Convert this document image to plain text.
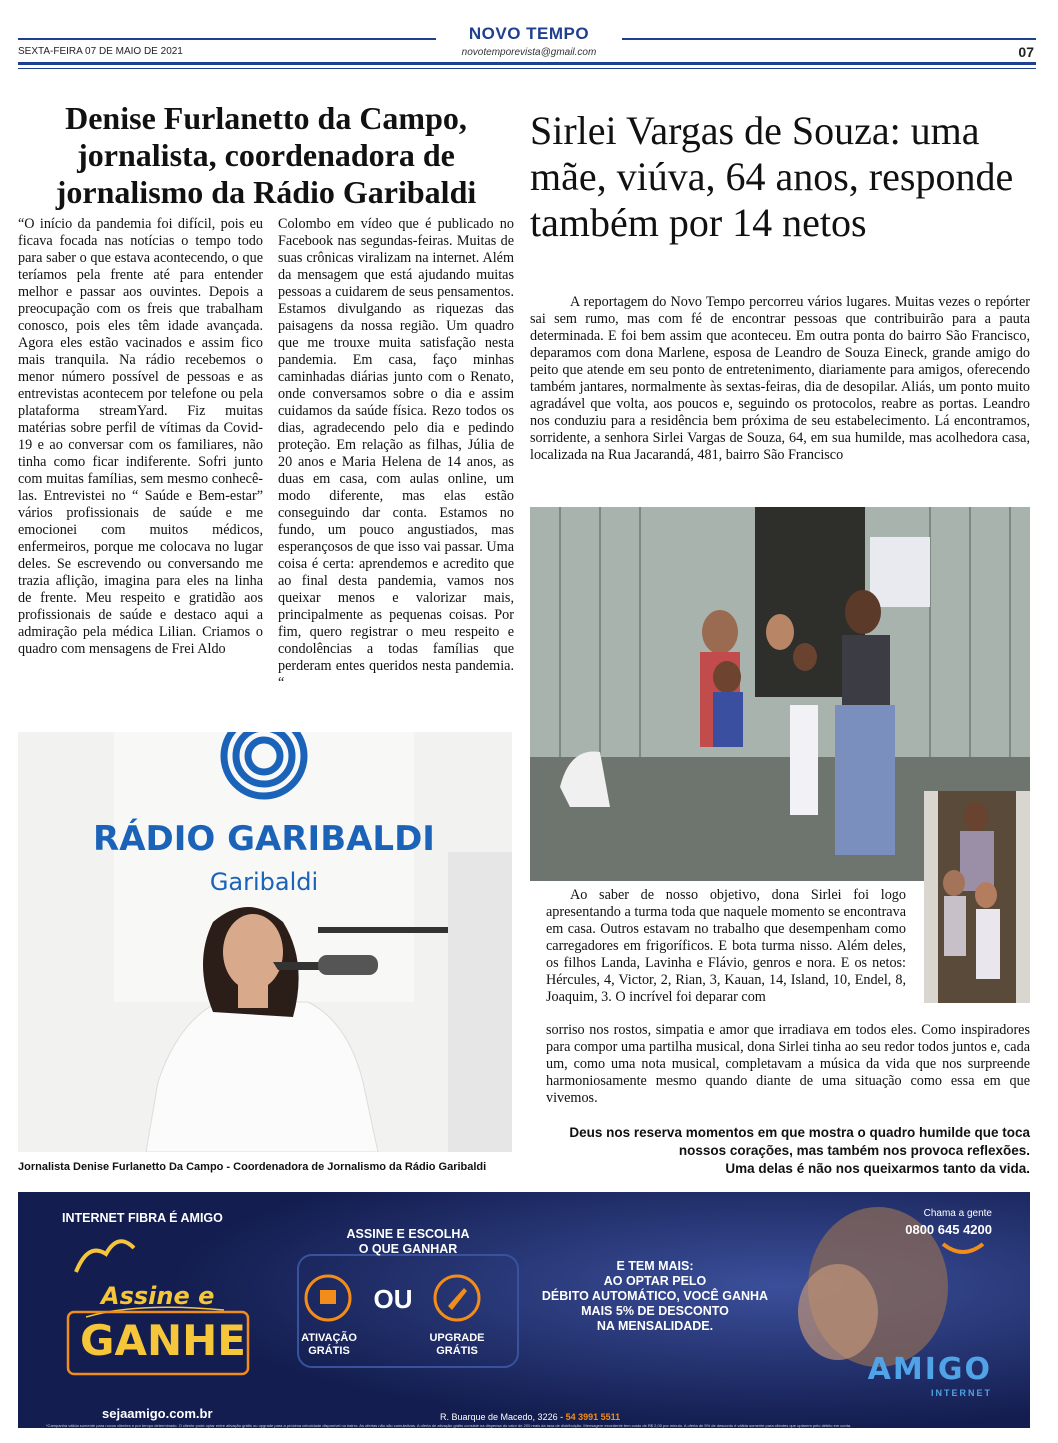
NOVO TEMPO
SEXTA-FEIRA 07 DE MAIO DE 2021	novotemporevista@gmail.com	07
Denise Furlanetto da Campo, jornalista, coordenadora de jornalismo da Rádio Garibaldi
“O início da pandemia foi difícil, pois eu ficava focada nas notícias o tempo todo para saber o que estava acontecendo, o que teríamos pela frente até para entender melhor e passar aos ouvintes. Depois a preocupação com os freis que trabalham conosco, pois eles têm idade avançada. Agora eles estão vacinados e assim fico mais tranquila. Na rádio recebemos o menor número possível de pessoas e as entrevistas acontecem por telefone ou pela plataforma streamYard. Fiz muitas matérias sobre perfil de vítimas da Covid-19 e ao conversar com os familiares, não tinha como ficar indiferente. Sofri junto com muitas famílias, sem mesmo conhecê-las. Entrevistei no “ Saúde e Bem-estar” vários profissionais de saúde e me emocionei com muitos médicos, enfermeiros, porque me colocava no lugar deles. Se escrevendo ou conversando me trazia aflição, imagina para eles na linha de frente. Meu respeito e gratidão aos profissionais de saúde e destaco aqui a admiração pela médica Lilian. Criamos o quadro com mensagens de Frei Aldo
Colombo em vídeo que é publicado no Facebook nas segundas-feiras. Muitas de suas crônicas viralizam na internet. Além da mensagem que está ajudando muitas pessoas a cuidarem de seus pensamentos. Estamos divulgando as riquezas das paisagens da nossa região. Um quadro que me trouxe muita satisfação nesta pandemia. Em casa, faço minhas caminhadas diárias junto com o Renato, onde conversamos sobre o dia e assim cuidamos da saúde física. Rezo todos os dias, agradecendo pelo dia e pedindo proteção. Em relação as filhas, Júlia de 20 anos e Maria Helena de 14 anos, as duas em casa, com aulas online, um modo diferente, mas elas estão conseguindo dar conta. Estamos no fundo, um pouco angustiados, mas esperançosos de que isso vai passar. Uma coisa é certa: aprendemos e acredito que ao final desta pandemia, vamos nos queixar menos e valorizar mais, principalmente as pequenas coisas. Por fim, quero registrar o meu respeito e condolências a todas famílias que perderam entes queridos nesta pandemia. “
RÁDIO GARIBALDI
Garibaldi
Jornalista Denise Furlanetto Da Campo - Coordenadora de Jornalismo da Rádio Garibaldi
Sirlei Vargas de Souza: uma mãe, viúva, 64 anos, responde também por 14 netos
A reportagem do Novo Tempo percorreu vários lugares. Muitas vezes o repórter sai sem rumo, mas com fé de encontrar pessoas que contribuirão para a pauta determinada. E foi bem assim que aconteceu. Em outra ponta do bairro São Francisco, deparamos com dona Marlene, esposa de Leandro de Souza Eineck, grande amigo do peito que atende em seu ponto de entretenimento, diariamente para amigos, oferecendo também jantares, normalmente às sextas-feiras, dia de desopilar. Aliás, um ponto muito agradável que volta, aos poucos e, seguindo os protocolos, reabre as portas. Leandro nos conduziu para a residência bem próxima de seu estabelecimento. Lá encontramos, sorridente, a senhora Sirlei Vargas de Souza, 64, em sua humilde, mas acolhedora casa, localizada na Rua Jacarandá, 481, bairro São Francisco
Ao saber de nosso objetivo, dona Sirlei foi logo apresentando a turma toda que naquele momento se encontrava em casa. Outros estavam no trabalho que desempenham como carregadores em frigoríficos. E bota turma nisso. Além deles, os filhos Landa, Lavinha e Flávio, genros e nora. E os netos: Hércules, 4, Victor, 2, Rian, 3, Kauan, 14, Island, 10, Endel, 8, Joaquim, 3. O incrível foi deparar com
sorriso nos rostos, simpatia e amor que irradiava em todos eles. Como inspiradores para compor uma partilha musical, dona Sirlei tinha ao seu redor todos juntos e, cada um, como uma nota musical, completavam a música da vida que nos surpreende harmoniosamente mesmo quando diante de uma situação como essa em que vivemos.
Deus nos reserva momentos em que mostra o quadro humilde que toca
nossos corações, mas também nos provoca reflexões.
Uma delas é não nos queixarmos tanto da vida.
INTERNET FIBRA É AMIGO
Assine e
GANHE
sejaamigo.com.br
ASSINE E ESCOLHA
O QUE GANHAR
OU
ATIVAÇÃO
GRÁTIS
UPGRADE
GRÁTIS
E TEM MAIS:
AO OPTAR PELO
DÉBITO AUTOMÁTICO, VOCÊ GANHA
MAIS 5% DE DESCONTO
NA MENSALIDADE.
Chama a gente
0800 645 4200
AMIGO
INTERNET
R. Buarque de Macedo, 3226 - 54 3991 5511
*Campanha válida somente para novos clientes e por tempo determinado. O cliente pode optar entre ativação grátis ou upgrade para a próxima velocidade disponível no bairro. As ofertas não são cumulativas. A oferta de ativação grátis consiste na dispensa do valor de 200 reais da taxa de distribuição. Mensagem excedente tem custo de R$ 2,00 por minuto. A oferta de 5% de desconto é válida somente para clientes que optarem pelo débito em conta.
